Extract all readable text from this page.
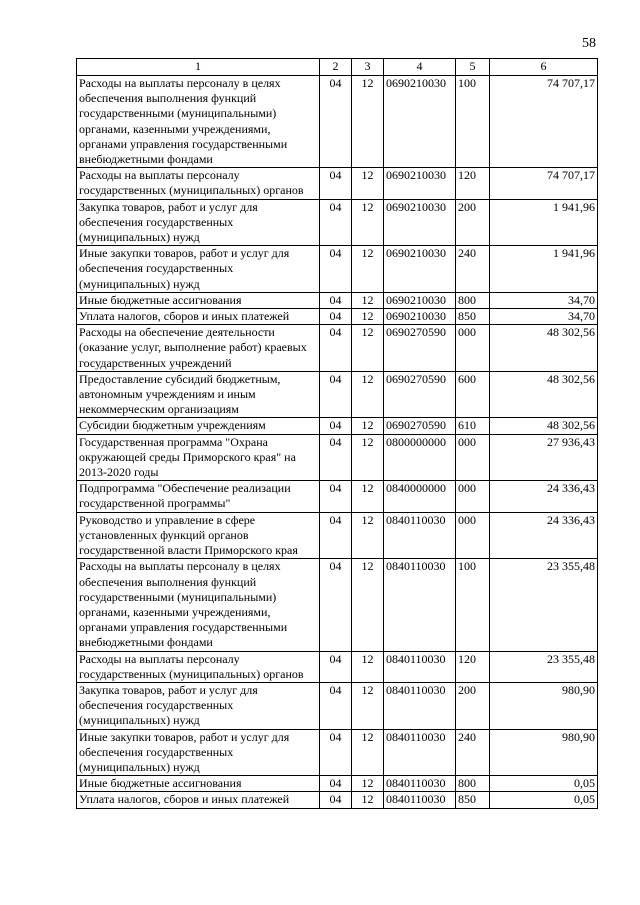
58
1	2	3	4	5	6
Расходы на выплаты персоналу в целях обеспечения выполнения функций государственными (муниципальными) органами, казенными учреждениями, органами управления государственными внебюджетными фондами	04	12	0690210030	100	74 707,17
Расходы на выплаты персоналу государственных (муниципальных) органов	04	12	0690210030	120	74 707,17
Закупка товаров, работ и услуг для обеспечения государственных (муниципальных) нужд	04	12	0690210030	200	1 941,96
Иные закупки товаров, работ и услуг для обеспечения государственных (муниципальных) нужд	04	12	0690210030	240	1 941,96
Иные бюджетные ассигнования	04	12	0690210030	800	34,70
Уплата налогов, сборов и иных платежей	04	12	0690210030	850	34,70
Расходы на обеспечение деятельности (оказание услуг, выполнение работ) краевых государственных учреждений	04	12	0690270590	000	48 302,56
Предоставление субсидий бюджетным, автономным учреждениям и иным некоммерческим организациям	04	12	0690270590	600	48 302,56
Субсидии бюджетным учреждениям	04	12	0690270590	610	48 302,56
Государственная программа "Охрана окружающей среды Приморского края" на 2013-2020 годы	04	12	0800000000	000	27 936,43
Подпрограмма "Обеспечение реализации государственной программы"	04	12	0840000000	000	24 336,43
Руководство и управление в сфере установленных функций органов государственной власти Приморского края	04	12	0840110030	000	24 336,43
Расходы на выплаты персоналу в целях обеспечения выполнения функций государственными (муниципальными) органами, казенными учреждениями, органами управления государственными внебюджетными фондами	04	12	0840110030	100	23 355,48
Расходы на выплаты персоналу государственных (муниципальных) органов	04	12	0840110030	120	23 355,48
Закупка товаров, работ и услуг для обеспечения государственных (муниципальных) нужд	04	12	0840110030	200	980,90
Иные закупки товаров, работ и услуг для обеспечения государственных (муниципальных) нужд	04	12	0840110030	240	980,90
Иные бюджетные ассигнования	04	12	0840110030	800	0,05
Уплата налогов, сборов и иных платежей	04	12	0840110030	850	0,05
